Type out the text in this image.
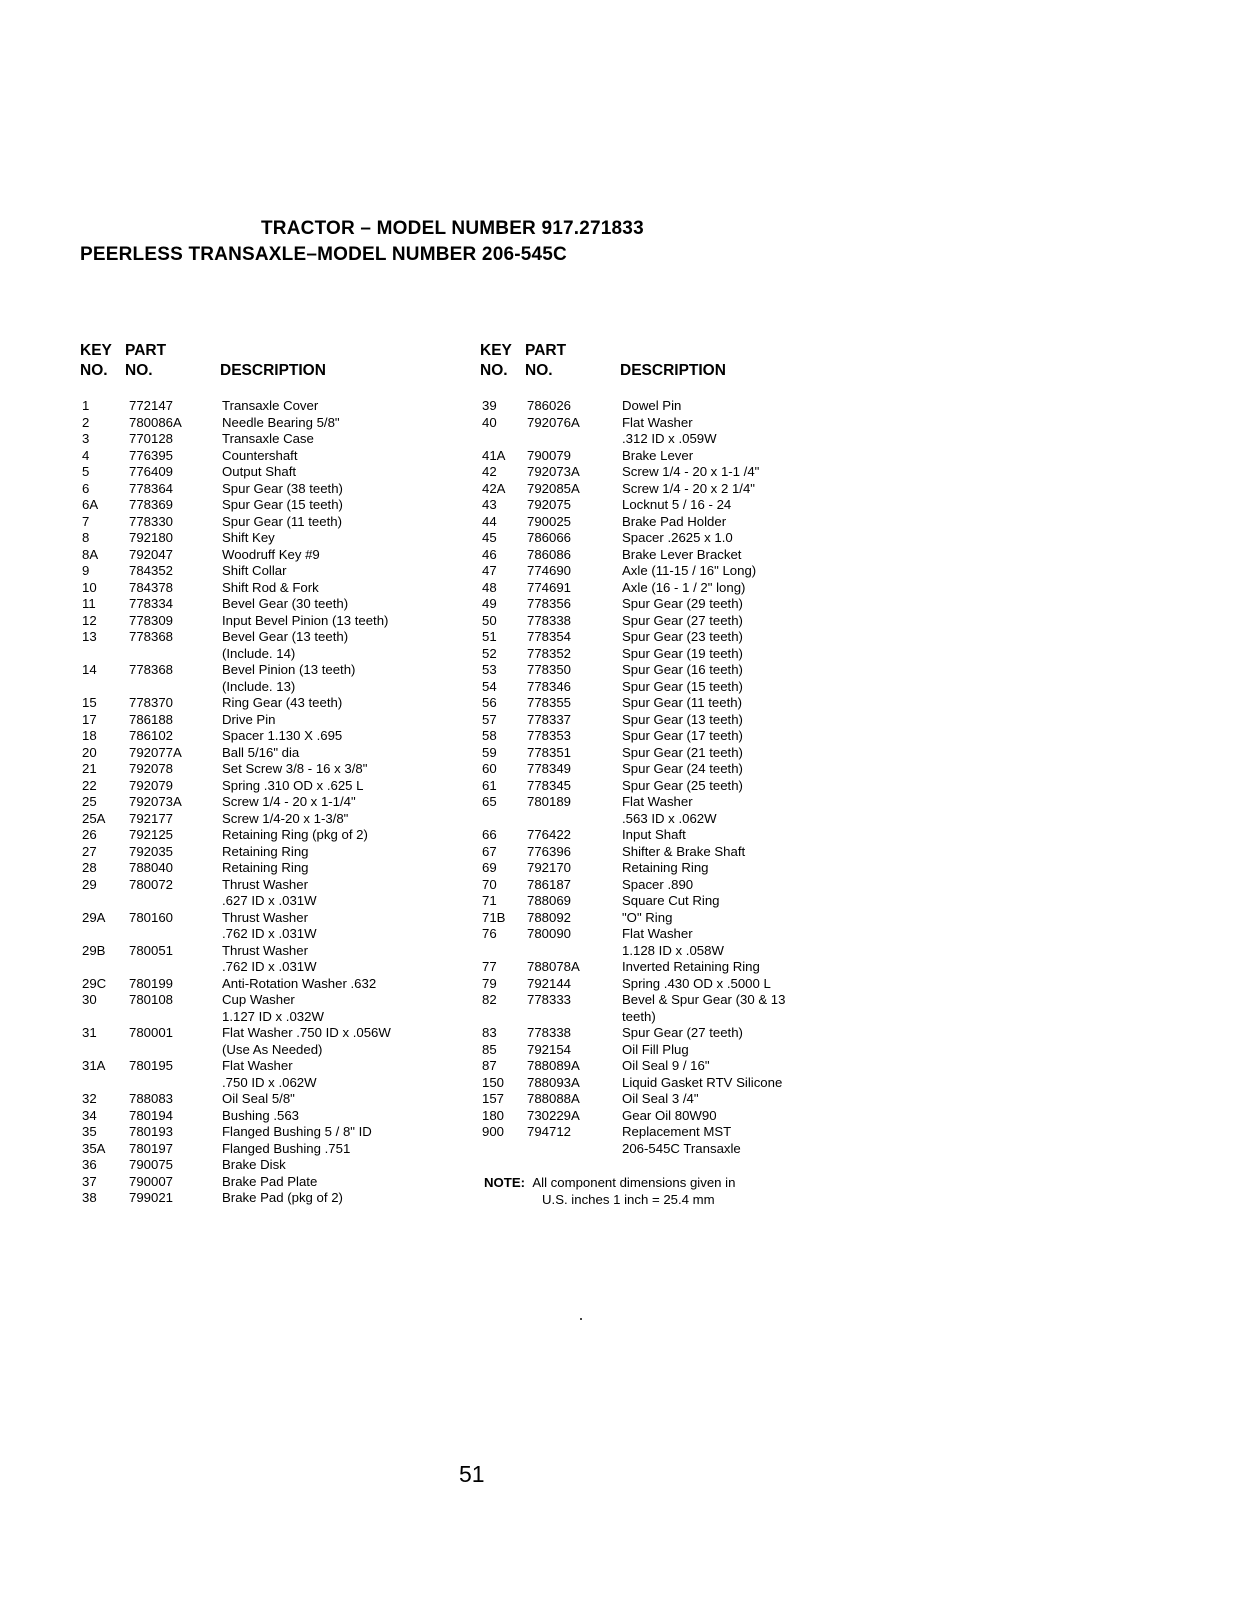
TRACTOR – MODEL NUMBER 917.271833
PEERLESS TRANSAXLE–MODEL NUMBER 206-545C
KEY
NO.
PART
NO.	DESCRIPTION
1	772147	Transaxle Cover
2	780086A	Needle Bearing 5/8"
3	770128	Transaxle Case
4	776395	Countershaft
5	776409	Output Shaft
6	778364	Spur Gear (38 teeth)
6A 778369	Spur Gear (15 teeth)
7	778330	Spur Gear (11 teeth)
8	792180	Shift Key
8A 792047	Woodruff Key #9
9	784352	Shift Collar
10 784378	Shift Rod & Fork
11	778334	Bevel Gear (30 teeth)
12 778309	Input Bevel Pinion (13 teeth)
13 778368	Bevel Gear (13 teeth)
(Include. 14)
14 778368	Bevel Pinion (13 teeth)
(Include. 13)
15 778370	Ring Gear (43 teeth)
17 786188	Drive Pin
18 786102	Spacer 1.130 X .695
20 792077A	Ball 5/16" dia
21 792078	Set Screw 3/8 - 16 x 3/8"
22 792079	Spring .310 OD x .625 L
25 792073A	Screw 1/4 - 20 x 1-1/4"
25A 792177	Screw 1/4-20 x 1-3/8"
26 792125	Retaining Ring (pkg of 2)
27 792035	Retaining Ring
28 788040	Retaining Ring
29 780072	Thrust Washer
.627 ID x .031W
29A 780160	Thrust Washer
.762 ID x .031W
29B 780051	Thrust Washer
.762 ID x .031W
29C 780199	Anti-Rotation Washer .632
30 780108	Cup Washer
1.127 ID x .032W
31 780001	Flat Washer .750 ID x .056W
(Use As Needed)
31A 780195	Flat Washer
.750 ID x .062W
32 788083	Oil Seal 5/8"
34 780194	Bushing .563
35 780193	Flanged Bushing 5 / 8" ID
35A 780197	Flanged Bushing .751
36 790075	Brake Disk
37 790007	Brake Pad Plate
38 799021	Brake Pad (pkg of 2)
KEY
NO.
PART
NO.	DESCRIPTION
39 786026	Dowel Pin
40 792076A	Flat Washer
.312 ID x .059W
41A 790079	Brake Lever
42 792073A	Screw 1/4 - 20 x 1-1 /4"
42A 792085A	Screw 1/4 - 20 x 2 1/4"
43 792075	Locknut 5 / 16 - 24
44 790025	Brake Pad Holder
45 786066	Spacer .2625 x 1.0
46 786086	Brake Lever Bracket
47 774690	Axle (11-15 / 16" Long)
48 774691	Axle (16 - 1 / 2" long)
49 778356	Spur Gear (29 teeth)
50 778338	Spur Gear (27 teeth)
51 778354	Spur Gear (23 teeth)
52 778352	Spur Gear (19 teeth)
53 778350	Spur Gear (16 teeth)
54 778346	Spur Gear (15 teeth)
56 778355	Spur Gear (11 teeth)
57 778337	Spur Gear (13 teeth)
58 778353	Spur Gear (17 teeth)
59 778351	Spur Gear (21 teeth)
60 778349	Spur Gear (24 teeth)
61 778345	Spur Gear (25 teeth)
65 780189	Flat Washer
.563 ID x .062W
66 776422	Input Shaft
67 776396	Shifter & Brake Shaft
69 792170	Retaining Ring
70 786187	Spacer .890
71 788069	Square Cut Ring
71B 788092	"O" Ring
76 780090	Flat Washer
1.128 ID x .058W
77 788078A	Inverted Retaining Ring
79 792144	Spring .430 OD x .5000 L
82 778333	Bevel & Spur Gear (30 & 13
teeth)
83 778338	Spur Gear (27 teeth)
85 792154	Oil Fill Plug
87 788089A	Oil Seal 9 / 16"
150 788093A	Liquid Gasket RTV Silicone
157 788088A	Oil Seal 3 /4"
180 730229A	Gear Oil 80W90
900 794712	Replacement MST
206-545C Transaxle
NOTE: All component dimensions given in
U.S. inches 1 inch = 25.4 mm
51
